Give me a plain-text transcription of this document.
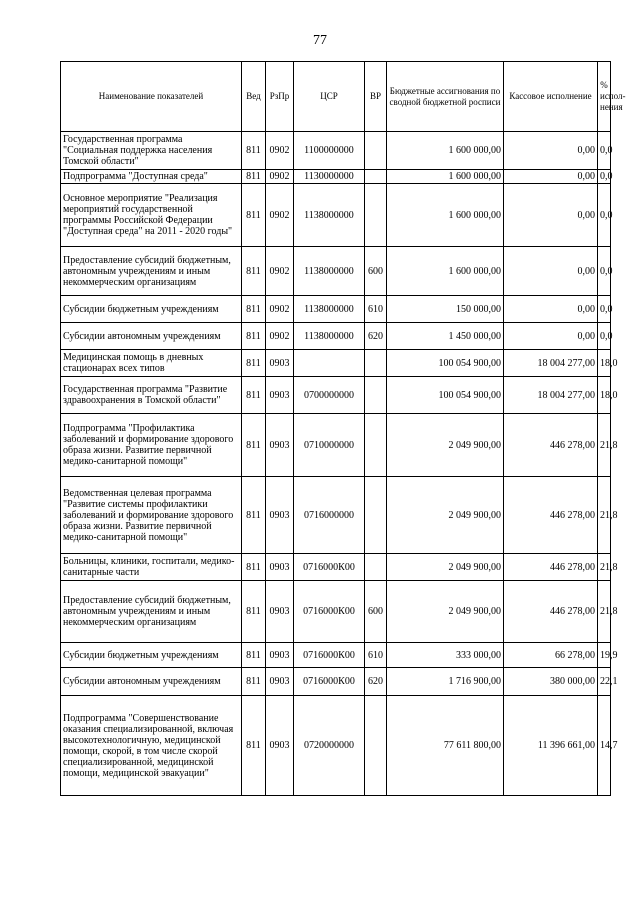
77
Наименование показателей	Вед	РзПр	ЦСР	ВР	Бюджетные ассигнования по сводной бюджетной росписи	Кассовое исполнение	% испол-нения
Государственная программа "Социальная поддержка населения Томской области"	811	0902	1100000000		1 600 000,00	0,00	0,0
Подпрограмма "Доступная среда"	811	0902	1130000000		1 600 000,00	0,00	0,0
Основное мероприятие "Реализация мероприятий государственной программы Российской Федерации "Доступная среда" на 2011 - 2020 годы"	811	0902	1138000000		1 600 000,00	0,00	0,0
Предоставление субсидий бюджетным, автономным учреждениям и иным некоммерческим организациям	811	0902	1138000000	600	1 600 000,00	0,00	0,0
Субсидии бюджетным учреждениям	811	0902	1138000000	610	150 000,00	0,00	0,0
Субсидии автономным учреждениям	811	0902	1138000000	620	1 450 000,00	0,00	0,0
Медицинская помощь в дневных стационарах всех типов	811	0903			100 054 900,00	18 004 277,00	18,0
Государственная программа "Развитие здравоохранения в Томской области"	811	0903	0700000000		100 054 900,00	18 004 277,00	18,0
Подпрограмма "Профилактика заболеваний и формирование здорового образа жизни. Развитие первичной медико-санитарной помощи"	811	0903	0710000000		2 049 900,00	446 278,00	21,8
Ведомственная целевая программа "Развитие системы профилактики заболеваний и формирование здорового образа жизни. Развитие первичной медико-санитарной помощи"	811	0903	0716000000		2 049 900,00	446 278,00	21,8
Больницы, клиники, госпитали, медико-санитарные части	811	0903	0716000К00		2 049 900,00	446 278,00	21,8
Предоставление субсидий бюджетным, автономным учреждениям и иным некоммерческим организациям	811	0903	0716000К00	600	2 049 900,00	446 278,00	21,8
Субсидии бюджетным учреждениям	811	0903	0716000К00	610	333 000,00	66 278,00	19,9
Субсидии автономным учреждениям	811	0903	0716000К00	620	1 716 900,00	380 000,00	22,1
Подпрограмма "Совершенствование оказания специализированной, включая высокотехнологичную, медицинской помощи, скорой, в том числе скорой специализированной, медицинской помощи, медицинской эвакуации"	811	0903	0720000000		77 611 800,00	11 396 661,00	14,7
